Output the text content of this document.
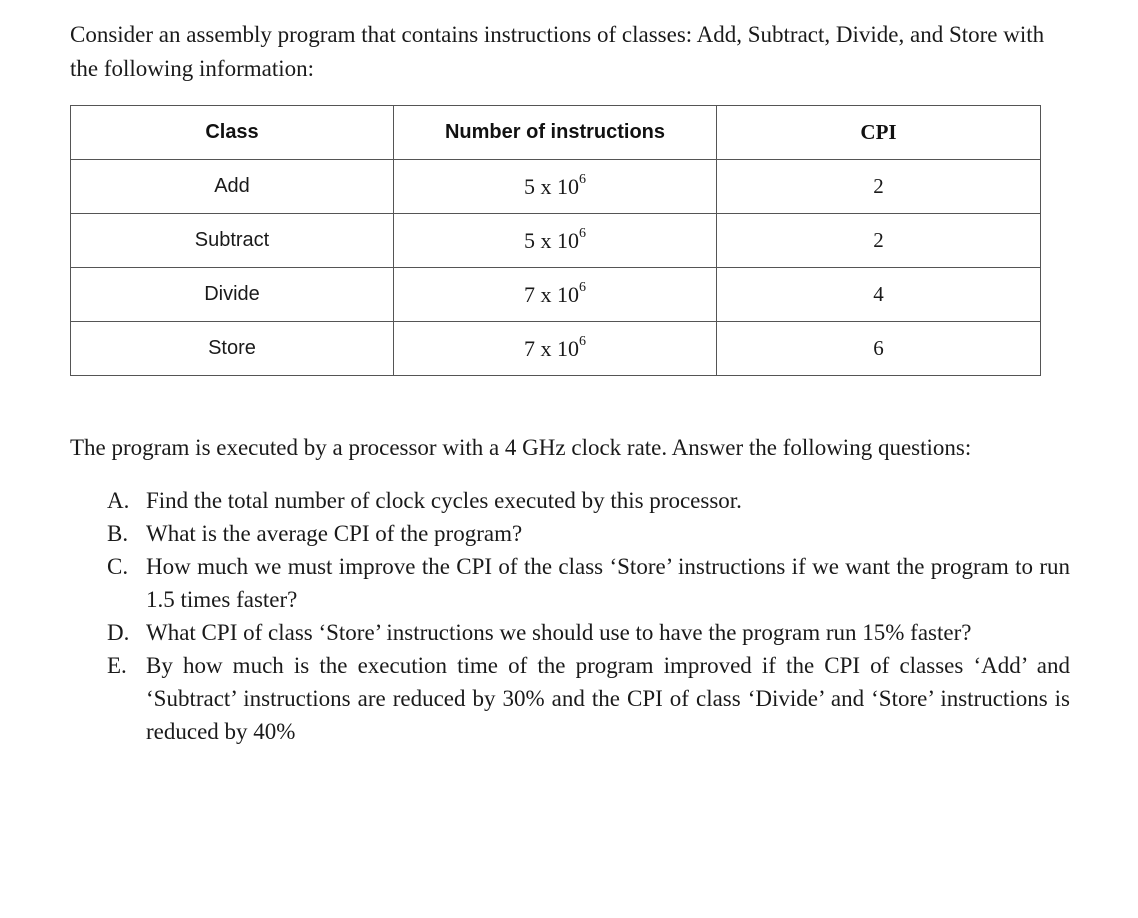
Consider an assembly program that contains instructions of classes: Add, Subtract, Divide, and Store with the following information:

Class	Number of instructions	CPI
Add	5 x $10^6$	2
Subtract	5 x $10^6$	2
Divide	7 x $10^6$	4
Store	7 x $10^6$	6

The program is executed by a processor with a 4 GHz clock rate. Answer the following questions:

A. Find the total number of clock cycles executed by this processor.
B. What is the average CPI of the program?
C. How much we must improve the CPI of the class ‘Store’ instructions if we want the program to run 1.5 times faster?
D. What CPI of class ‘Store’ instructions we should use to have the program run 15% faster?
E. By how much is the execution time of the program improved if the CPI of classes ‘Add’ and ‘Subtract’ instructions are reduced by 30% and the CPI of class ‘Divide’ and ‘Store’ instructions is reduced by 40%
